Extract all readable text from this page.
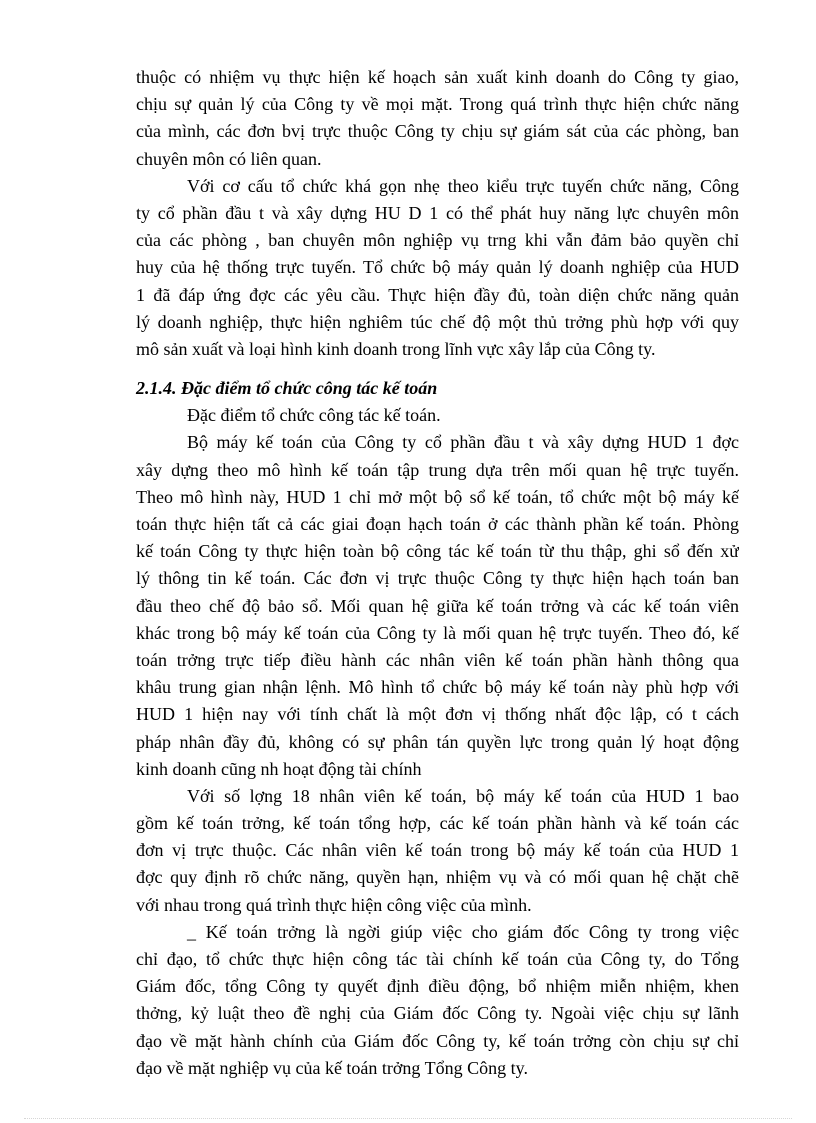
thuộc có nhiệm vụ thực hiện kế hoạch sản xuất kinh doanh do Công ty giao,
chịu sự quản lý của Công ty về mọi mặt. Trong quá trình thực hiện chức năng
của mình, các đơn bvị trực thuộc Công ty chịu sự giám sát của các phòng, ban
chuyên môn có liên quan.
Với cơ cấu tổ chức khá gọn nhẹ theo kiểu trực tuyến chức năng, Công
ty cổ phần đầu t và xây dựng HU D 1 có thể phát huy năng lực chuyên môn
của các phòng , ban chuyên môn nghiệp vụ trng khi vẫn đảm bảo quyền chỉ
huy của hệ thống trực tuyến. Tổ chức bộ máy quản lý doanh nghiệp của HUD
1 đã đáp ứng đợc các yêu cầu. Thực hiện đầy đủ, toàn diện chức năng quản
lý doanh nghiệp, thực hiện nghiêm túc chế độ một thủ trởng phù hợp với quy
mô sản xuất và loại hình kinh doanh trong lĩnh vực xây lắp của Công ty.
2.1.4. Đặc điểm tổ chức công tác kế toán
Đặc điểm tổ chức công tác kế toán.
Bộ máy kế toán của Công ty cổ phần đầu t và xây dựng HUD 1 đợc
xây dựng theo mô hình kế toán tập trung dựa trên mối quan hệ trực tuyến.
Theo mô hình này, HUD 1 chỉ mở một bộ sổ kế toán, tổ chức một bộ máy kế
toán thực hiện tất cả các giai đoạn hạch toán ở các thành phần kế toán. Phòng
kế toán Công ty thực hiện toàn bộ công tác kế toán từ thu thập, ghi sổ đến xử
lý thông tin kế toán. Các đơn vị trực thuộc Công ty thực hiện hạch toán ban
đầu theo chế độ bảo sổ. Mối quan hệ giữa kế toán trởng và các kế toán viên
khác trong bộ máy kế toán của Công ty là mối quan hệ trực tuyến. Theo đó, kế
toán trởng trực tiếp điều hành các nhân viên kế toán phần hành thông qua
khâu trung gian nhận lệnh. Mô hình tổ chức bộ máy kế toán này phù hợp với
HUD 1 hiện nay với tính chất là một đơn vị thống nhất độc lập, có t cách
pháp nhân đầy đủ, không có sự phân tán quyền lực trong quản lý hoạt động
kinh doanh cũng nh hoạt động tài chính
Với số lợng 18 nhân viên kế toán, bộ máy kế toán của HUD 1 bao
gồm kế toán trởng, kế toán tổng hợp, các kế toán phần hành và kế toán các
đơn vị trực thuộc. Các nhân viên kế toán trong bộ máy kế toán của HUD 1
đợc quy định rõ chức năng, quyền hạn, nhiệm vụ và có mối quan hệ chặt chẽ
với nhau trong quá trình thực hiện công việc của mình.
_ Kế toán trởng là ngời giúp việc cho giám đốc Công ty trong việc
chỉ đạo, tổ chức thực hiện công tác tài chính kế toán của Công ty, do Tổng
Giám đốc, tổng Công ty quyết định điều động, bổ nhiệm miễn nhiệm, khen
thởng, kỷ luật theo đề nghị của Giám đốc Công ty. Ngoài việc chịu sự lãnh
đạo về mặt hành chính của Giám đốc Công ty, kế toán trởng còn chịu sự chỉ
đạo về mặt nghiệp vụ của kế toán trởng Tổng Công ty.
